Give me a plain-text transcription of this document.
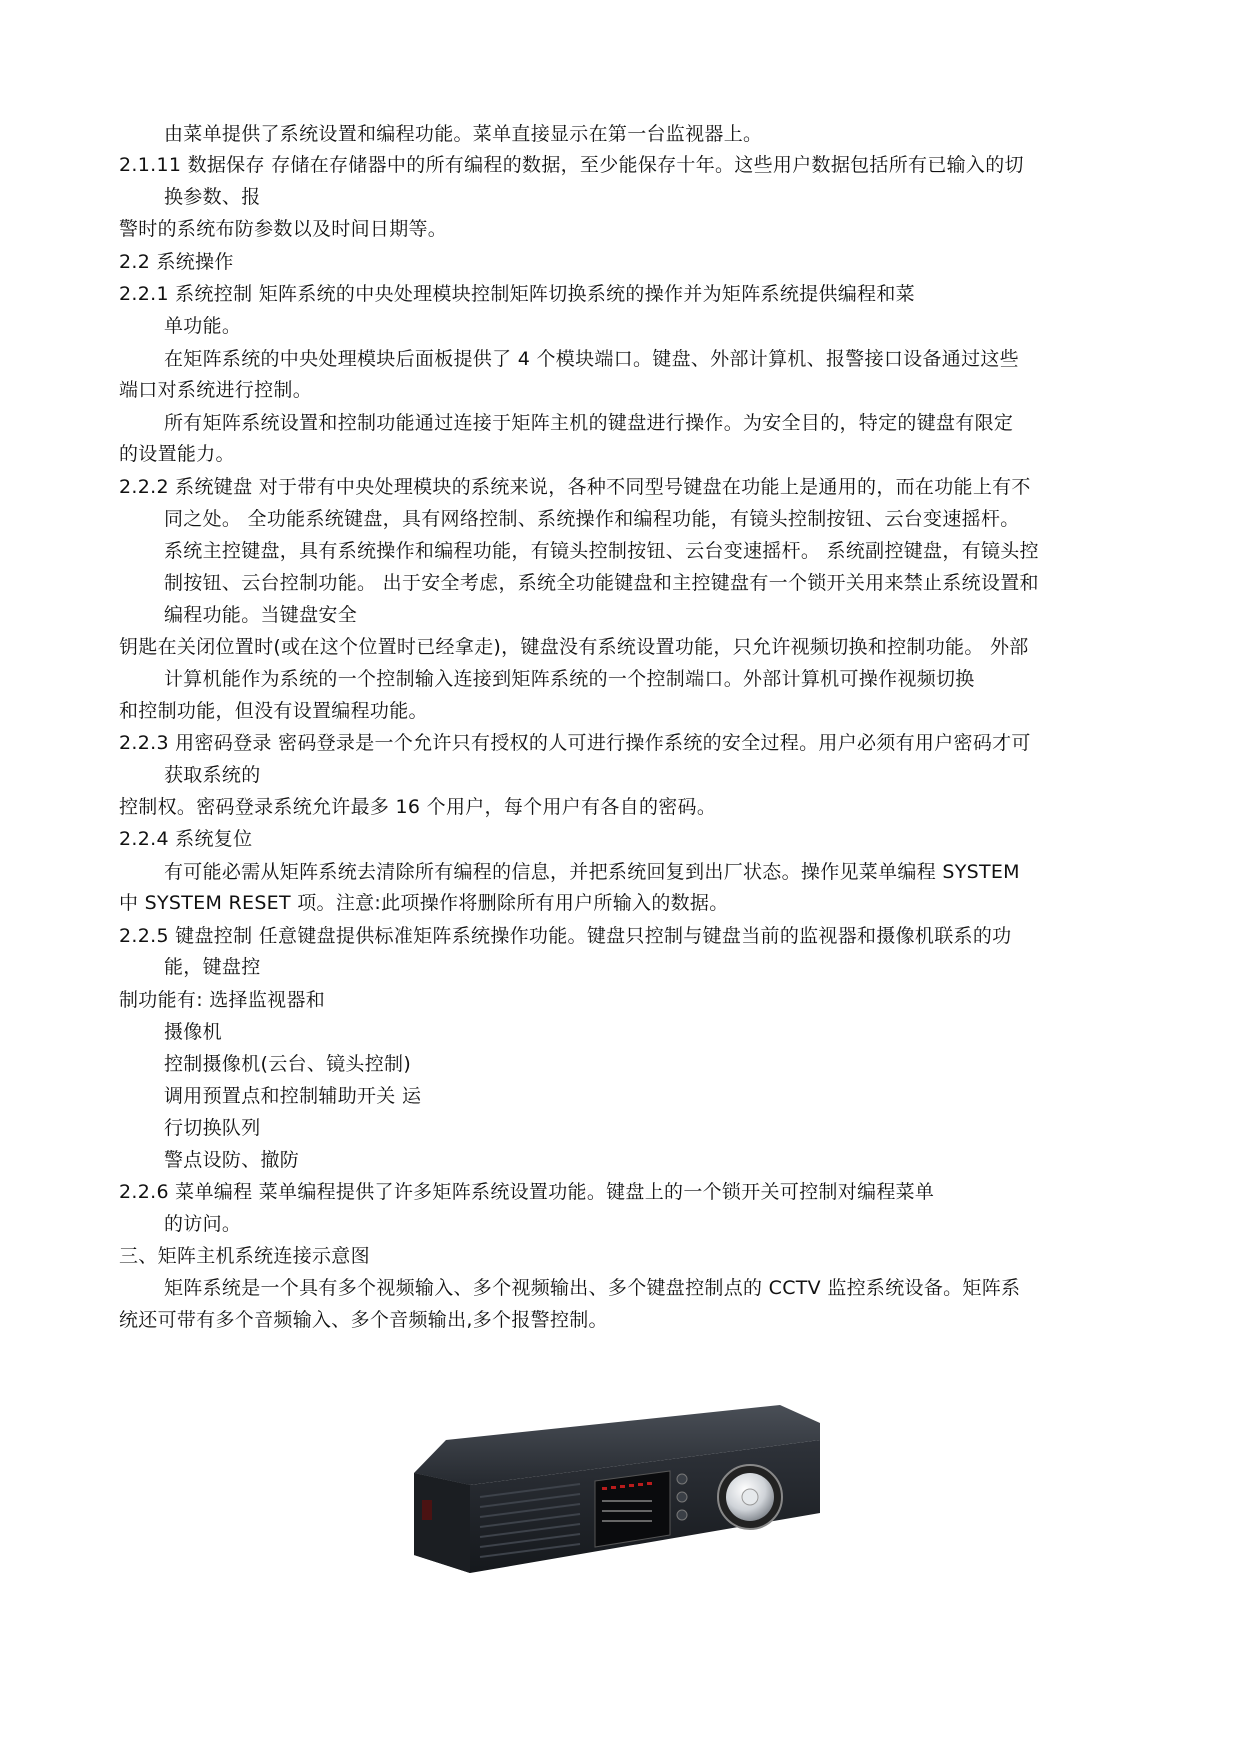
由菜单提供了系统设置和编程功能。菜单直接显示在第一台监视器上。
2.1.11 数据保存 存储在存储器中的所有编程的数据，至少能保存十年。这些用户数据包括所有已输入的切
换参数、报
警时的系统布防参数以及时间日期等。
2.2 系统操作
2.2.1 系统控制 矩阵系统的中央处理模块控制矩阵切换系统的操作并为矩阵系统提供编程和菜
单功能。
在矩阵系统的中央处理模块后面板提供了 4 个模块端口。键盘、外部计算机、报警接口设备通过这些
端口对系统进行控制。
所有矩阵系统设置和控制功能通过连接于矩阵主机的键盘进行操作。为安全目的，特定的键盘有限定
的设置能力。
2.2.2 系统键盘 对于带有中央处理模块的系统来说，各种不同型号键盘在功能上是通用的，而在功能上有不
同之处。 全功能系统键盘，具有网络控制、系统操作和编程功能，有镜头控制按钮、云台变速摇杆。
系统主控键盘，具有系统操作和编程功能，有镜头控制按钮、云台变速摇杆。 系统副控键盘，有镜头控
制按钮、云台控制功能。 出于安全考虑，系统全功能键盘和主控键盘有一个锁开关用来禁止系统设置和
编程功能。当键盘安全
钥匙在关闭位置时(或在这个位置时已经拿走)，键盘没有系统设置功能，只允许视频切换和控制功能。 外部
计算机能作为系统的一个控制输入连接到矩阵系统的一个控制端口。外部计算机可操作视频切换
和控制功能，但没有设置编程功能。
2.2.3 用密码登录 密码登录是一个允许只有授权的人可进行操作系统的安全过程。用户必须有用户密码才可
获取系统的
控制权。密码登录系统允许最多 16 个用户，每个用户有各自的密码。
2.2.4 系统复位
有可能必需从矩阵系统去清除所有编程的信息，并把系统回复到出厂状态。操作见菜单编程 SYSTEM
中 SYSTEM RESET 项。注意:此项操作将删除所有用户所输入的数据。
2.2.5 键盘控制 任意键盘提供标准矩阵系统操作功能。键盘只控制与键盘当前的监视器和摄像机联系的功
能，键盘控
制功能有: 选择监视器和
摄像机
控制摄像机(云台、镜头控制)
调用预置点和控制辅助开关 运
行切换队列
警点设防、撤防
2.2.6 菜单编程 菜单编程提供了许多矩阵系统设置功能。键盘上的一个锁开关可控制对编程菜单
的访问。
三、矩阵主机系统连接示意图
矩阵系统是一个具有多个视频输入、多个视频输出、多个键盘控制点的 CCTV 监控系统设备。矩阵系
统还可带有多个音频输入、多个音频输出,多个报警控制。
